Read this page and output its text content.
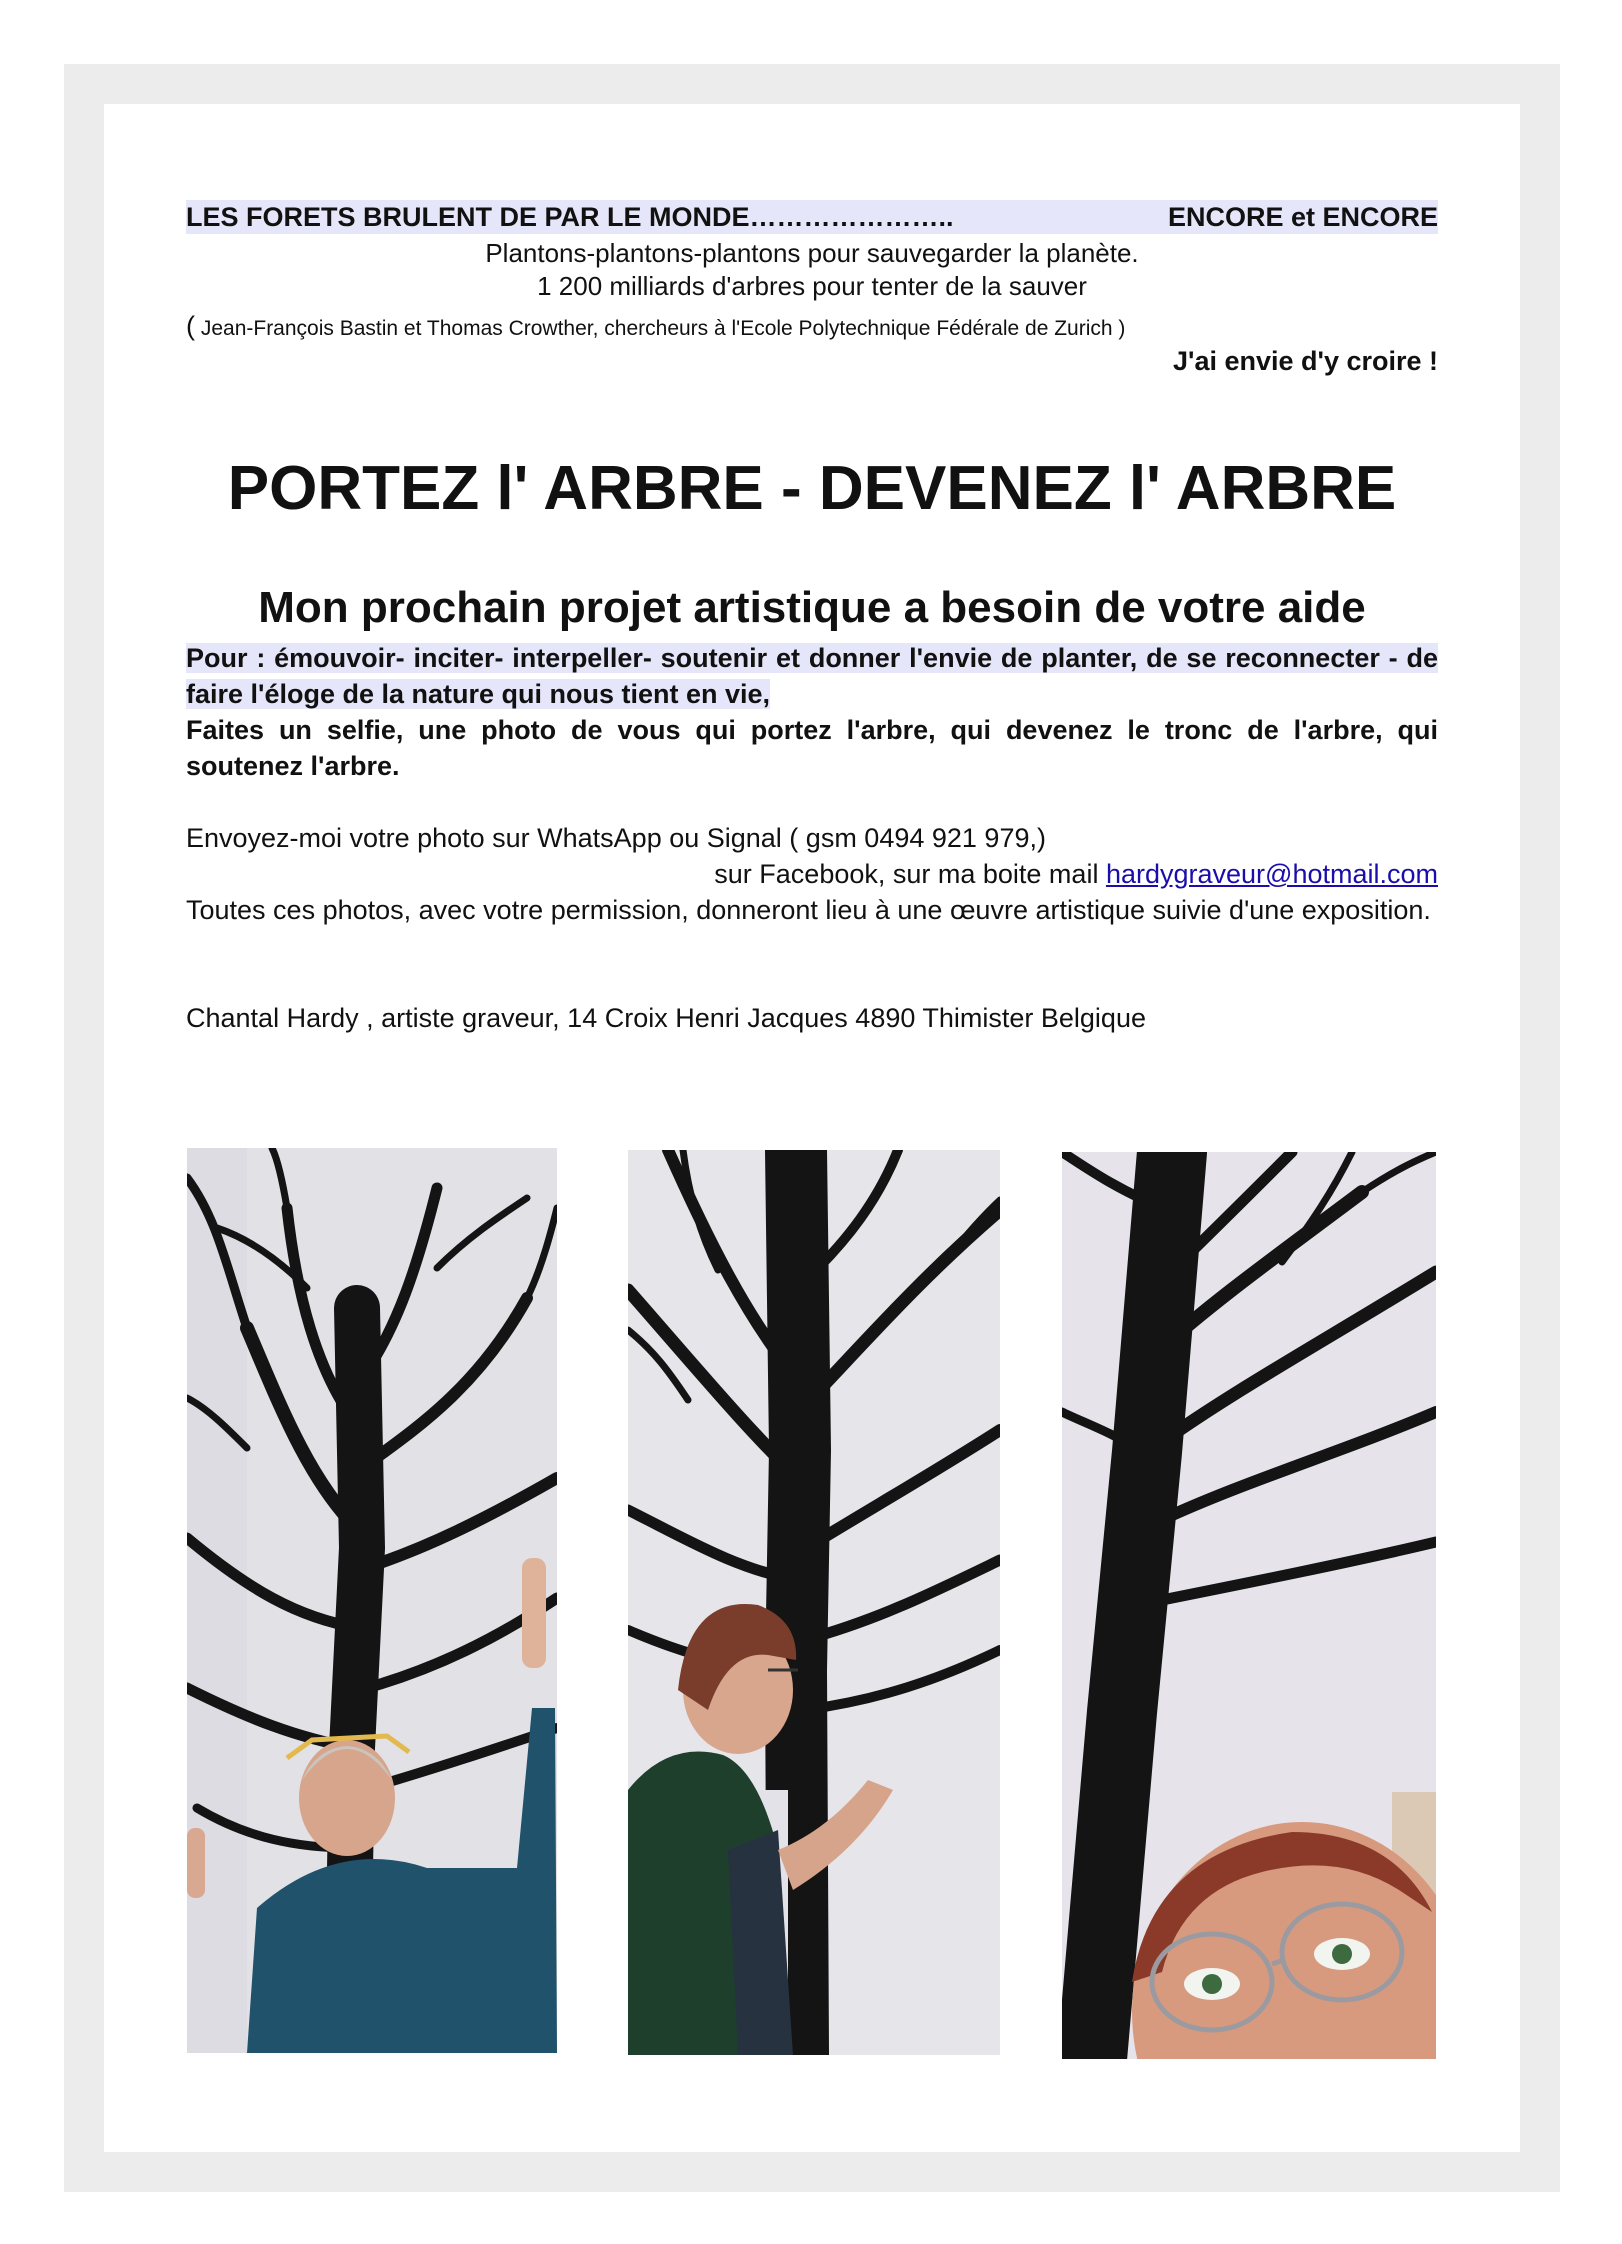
LES FORETS BRULENT DE PAR LE MONDE…………………..	ENCORE et ENCORE
Plantons-plantons-plantons pour sauvegarder la planète.
1 200 milliards d'arbres pour tenter de la sauver
( Jean-François Bastin et Thomas Crowther, chercheurs à l'Ecole Polytechnique Fédérale de Zurich )
J'ai envie d'y croire !
PORTEZ l' ARBRE - DEVENEZ l' ARBRE
Mon prochain projet artistique a besoin de votre aide
Pour : émouvoir- inciter- interpeller- soutenir et donner l'envie de planter, de se reconnecter - de faire l'éloge de la nature qui nous tient en vie,
Faites un selfie, une photo de vous qui portez l'arbre, qui devenez le tronc de l'arbre, qui soutenez l'arbre.
Envoyez-moi votre photo sur WhatsApp ou Signal ( gsm 0494 921 979,)
sur Facebook, sur ma boite mail hardygraveur@hotmail.com
Toutes ces photos, avec votre permission, donneront lieu à une œuvre artistique suivie d'une exposition.
Chantal Hardy , artiste graveur, 14 Croix Henri Jacques 4890 Thimister Belgique
